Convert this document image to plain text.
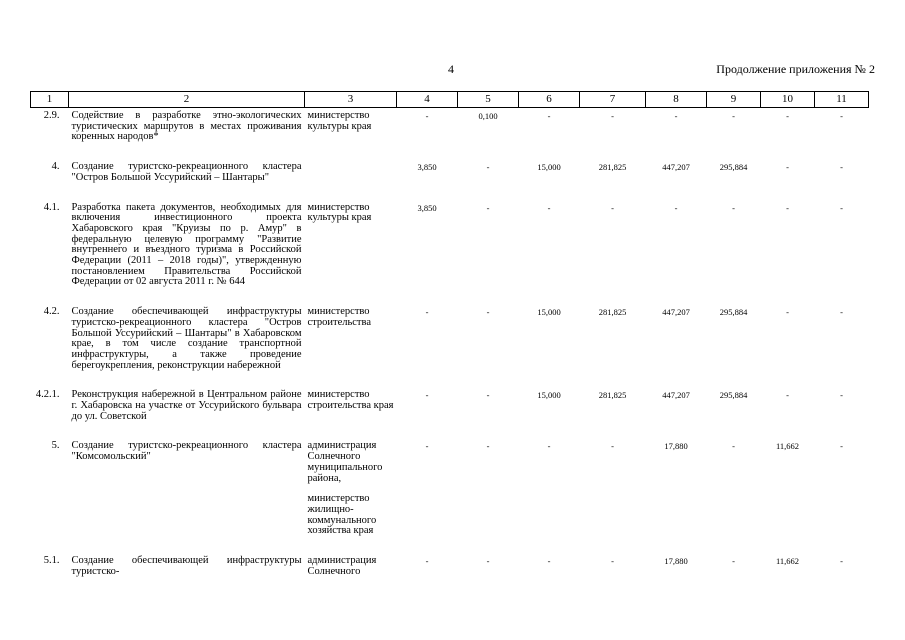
4	Продолжение приложения № 2
1	2	3	4	5	6	7	8	9	10	11
2.9.	Содействие в разработке этно-экологических туристических маршрутов в местах проживания коренных народов*	министерство культуры края	-	0,100	-	-	-	-	-	-
4.	Создание туристско-рекреационного кластера "Остров Большой Уссурийский – Шантары"		3,850	-	15,000	281,825	447,207	295,884	-	-
4.1.	Разработка пакета документов, необходимых для включения инвестиционного проекта Хабаровского края "Круизы по р. Амур" в федеральную целевую программу "Развитие внутреннего и въездного туризма в Российской Федерации (2011 – 2018 годы)", утвержденную постановлением Правительства Российской Федерации от 02 августа 2011 г. № 644	министерство культуры края	3,850	-	-	-	-	-	-	-
4.2.	Создание обеспечивающей инфраструктуры туристско-рекреационного кластера "Остров Большой Уссурийский – Шантары" в Хабаровском крае, в том числе создание транспортной инфраструктуры, а также проведение берегоукрепления, реконструкции набережной	министерство строительства	-	-	15,000	281,825	447,207	295,884	-	-
4.2.1.	Реконструкция набережной в Центральном районе г. Хабаровска на участке от Уссурийского бульвара до ул. Советской	министерство строительства края	-	-	15,000	281,825	447,207	295,884	-	-
5.	Создание туристско-рекреационного кластера "Комсомольский"	администрация Солнечного муниципального района,
министерство жилищно-коммунального хозяйства края	-	-	-	-	17,880	-	11,662	-
5.1.	Создание обеспечивающей инфраструктуры туристско-	администрация Солнечного	-	-	-	-	17,880	-	11,662	-
